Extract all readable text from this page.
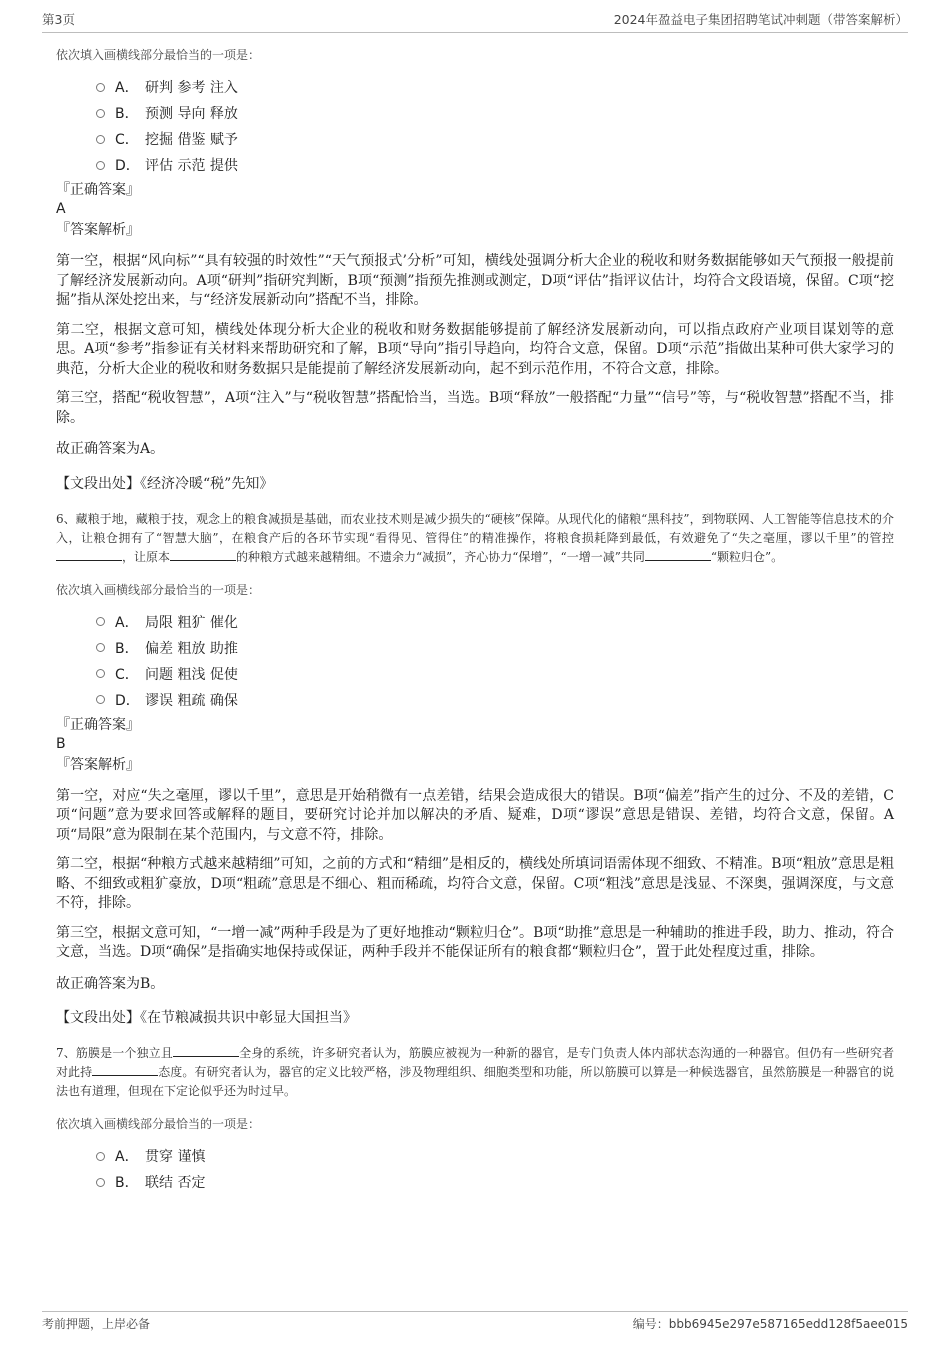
第3页	2024年盈益电子集团招聘笔试冲刺题（带答案解析）
依次填入画横线部分最恰当的一项是：
A． 研判 参考 注入
B． 预测 导向 释放
C． 挖掘 借鉴 赋予
D． 评估 示范 提供
『正确答案』
A
『答案解析』

第一空，根据“风向标”“具有较强的时效性”“天气预报式’分析”可知，横线处强调分析大企业的税收和财务数据能够如天气预报一般提前了解经济发展新动向。A项“研判”指研究判断，B项“预测”指预先推测或测定，D项“评估”指评议估计，均符合文段语境，保留。C项“挖掘”指从深处挖出来，与“经济发展新动向”搭配不当，排除。

第二空，根据文意可知，横线处体现分析大企业的税收和财务数据能够提前了解经济发展新动向，可以指点政府产业项目谋划等的意思。A项“参考”指参证有关材料来帮助研究和了解，B项“导向”指引导趋向，均符合文意，保留。D项“示范”指做出某种可供大家学习的典范，分析大企业的税收和财务数据只是能提前了解经济发展新动向，起不到示范作用，不符合文意，排除。

第三空，搭配“税收智慧”，A项“注入”与“税收智慧”搭配恰当，当选。B项“释放”一般搭配“力量”“信号”等，与“税收智慧”搭配不当，排除。

故正确答案为A。

【文段出处】《经济冷暖“税”先知》
6、藏粮于地，藏粮于技，观念上的粮食减损是基础，而农业技术则是减少损失的“硬核”保障。从现代化的储粮“黑科技”，到物联网、人工智能等信息技术的介入，让粮仓拥有了“智慧大脑”，在粮食产后的各环节实现“看得见、管得住”的精准操作，将粮食损耗降到最低，有效避免了“失之毫厘，谬以千里”的管控，让原本	的种粮方式越来越精细。不遗余力“减损”，齐心协力“保增”，“一增一减”共同	“颗粒归仓”。
依次填入画横线部分最恰当的一项是：
A． 局限 粗犷 催化
B． 偏差 粗放 助推
C． 问题 粗浅 促使
D． 谬误 粗疏 确保
『正确答案』
B
『答案解析』

第一空，对应“失之毫厘，谬以千里”，意思是开始稍微有一点差错，结果会造成很大的错误。B项“偏差”指产生的过分、不及的差错，C项“问题”意为要求回答或解释的题目，要研究讨论并加以解决的矛盾、疑难，D项“谬误”意思是错误、差错，均符合文意，保留。A项“局限”意为限制在某个范围内，与文意不符，排除。

第二空，根据“种粮方式越来越精细”可知，之前的方式和“精细”是相反的，横线处所填词语需体现不细致、不精准。B项“粗放”意思是粗略、不细致或粗犷豪放，D项“粗疏”意思是不细心、粗而稀疏，均符合文意，保留。C项“粗浅”意思是浅显、不深奥，强调深度，与文意不符，排除。

第三空，根据文意可知，“一增一减”两种手段是为了更好地推动“颗粒归仓”。B项“助推”意思是一种辅助的推进手段，助力、推动，符合文意，当选。D项“确保”是指确实地保持或保证，两种手段并不能保证所有的粮食都“颗粒归仓”，置于此处程度过重，排除。

故正确答案为B。

【文段出处】《在节粮减损共识中彰显大国担当》
7、筋膜是一个独立且	全身的系统，许多研究者认为，筋膜应被视为一种新的器官，是专门负责人体内部状态沟通的一种器官。但仍有一些研究者对此持	态度。有研究者认为，器官的定义比较严格，涉及物理组织、细胞类型和功能，所以筋膜可以算是一种候选器官，虽然筋膜是一种器官的说法也有道理，但现在下定论似乎还为时过早。
依次填入画横线部分最恰当的一项是：
A． 贯穿 谨慎
B． 联结 否定
考前押题，上岸必备	编号：bbb6945e297e587165edd128f5aee015
